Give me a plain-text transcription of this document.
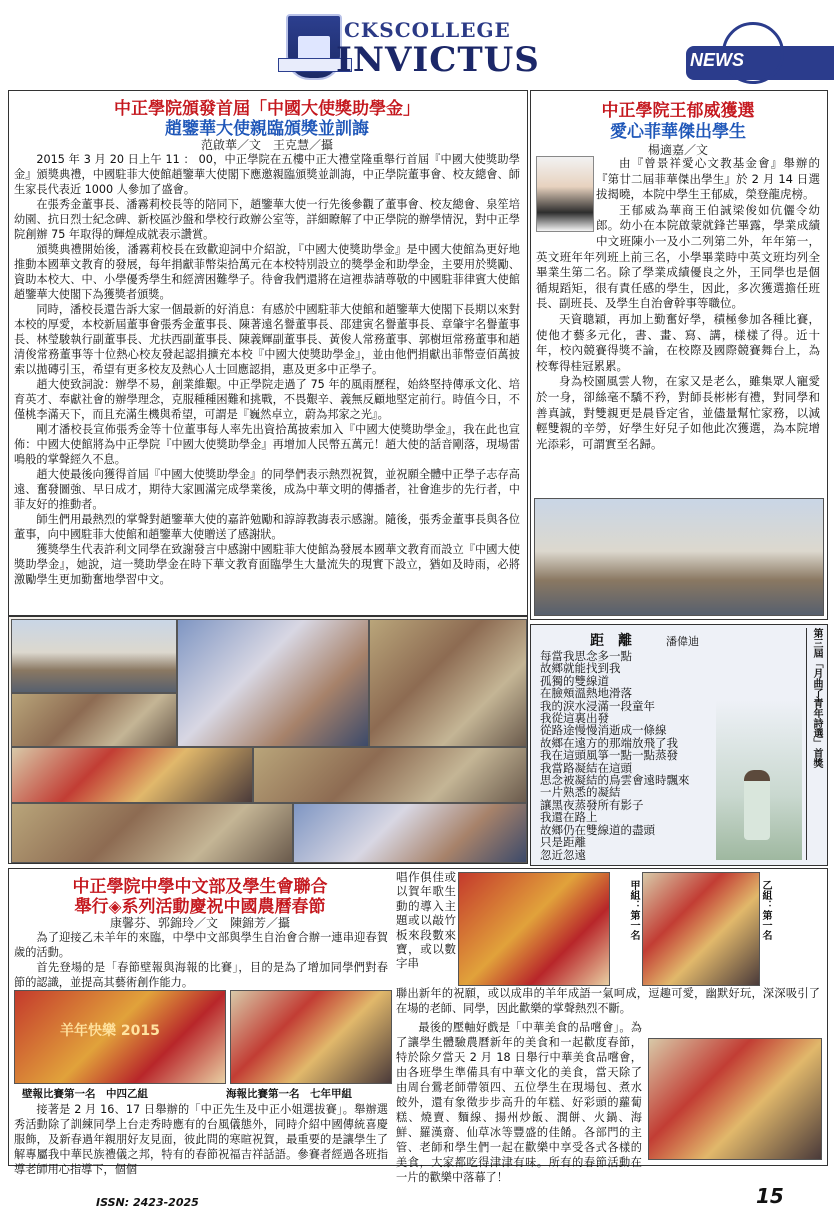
CKSCOLLEGE
INVICTUS	NEWS
中正學院頒發首屆「中國大使獎助學金」
趙鑒華大使親臨頒獎並訓誨
范啟華／文　王克慧／攝

2015 年 3 月 20 日上午 11 ： 00，中正學院在五樓中正大禮堂隆重舉行首屆『中國大使獎助學金』頒獎典禮，中國駐菲大使館趙鑒華大使閣下應邀親臨頒獎並訓誨，中正學院董事會、校友總會、師生家長代表近 1000 人參加了盛會。

在張秀金董事長、潘霧莉校長等的陪同下，趙鑒華大使一行先後參觀了董事會、校友總會、泉笙培幼園、抗日烈士紀念碑、新校區沙盤和學校行政辦公室等，詳細瞭解了中正學院的辦學情況，對中正學院創辦 75 年取得的輝煌成就表示讚賞。

頒獎典禮開始後，潘霧莉校長在致歡迎詞中介紹說，『中國大使獎助學金』是中國大使館為更好地推動本國華文教育的發展，每年捐獻菲幣柒拾萬元在本校特別設立的獎學金和助學金，主要用於獎勵、資助本校大、中、小學優秀學生和經濟困難學子。待會我們還將在這裡恭請尊敬的中國駐菲律賓大使館趙鑒華大使閣下為獲獎者頒獎。

同時，潘校長還告訴大家一個最新的好消息：有感於中國駐菲大使館和趙鑒華大使閣下長期以來對本校的厚愛，本校新屆董事會張秀金董事長、陳著遠名譽董事長、邵建寅名譽董事長、章肇宇名譽董事長、林瑩駿執行副董事長、尤扶西副董事長、陳義輝副董事長、黃俊人常務董事、郭樹垣常務董事和趙清俊常務董事等十位熱心校友發起認捐擴充本校『中國大使獎助學金』，並由他們捐獻出菲幣壹佰萬披索以拋磚引玉，希望有更多校友及熱心人士回應認捐，惠及更多中正學子。

趙大使致詞說：辦學不易，創業維艱。中正學院走過了 75 年的風雨歷程，始終堅持傳承文化、培育英才、奉獻社會的辦學理念，克服種種困難和挑戰，不畏艱辛、義無反顧地堅定前行。時值今日，不僅桃李滿天下，而且充滿生機與希望，可謂是『巍然卓立，蔚為邦家之光』。

剛才潘校長宣佈張秀金等十位董事每人率先出資拾萬披索加入『中國大使獎助學金』，我在此也宣佈：中國大使館將為中正學院『中國大使獎助學金』再增加人民幣五萬元！趙大使的話音剛落，現場雷鳴般的掌聲經久不息。

趙大使最後向獲得首屆『中國大使獎助學金』的同學們表示熱烈祝賀，並祝願全體中正學子志存高遠、奮發圖強、早日成才，期待大家圓滿完成學業後，成為中華文明的傳播者，社會進步的先行者，中菲友好的推動者。

師生們用最熱烈的掌聲對趙鑒華大使的嘉許勉勵和諄諄教誨表示感謝。隨後，張秀金董事長與各位董事，向中國駐菲大使館和趙鑒華大使贈送了感謝狀。

獲獎學生代表許利文同學在致謝發言中感謝中國駐菲大使館為發展本國華文教育而設立『中國大使獎助學金』，她說，這一獎助學金在時下華文教育面臨學生大量流失的現實下設立，猶如及時雨，必將激勵學生更加勤奮地學習中文。

中正學院王郁威獲選
愛心菲華傑出學生
楊適嘉／文

由『曾景祥愛心文教基金會』舉辦的『第廿二屆菲華傑出學生』於 2 月 14 日選拔揭曉，本院中學生王郁威，榮登龍虎榜。

王郁威為華商王伯誠梁俊如伉儷令幼郎。幼小在本院啟蒙就鋒芒畢露，學業成績中文班陳小一及小二列第二外，年年第一，英文班年年列班上前三名，小學畢業時中英文班均列全畢業生第二名。除了學業成績優良之外，王同學也是個循規蹈矩，很有責任感的學生，因此，多次獲選擔任班長、副班長、及學生自治會幹事等職位。

天資聰穎，再加上勤奮好學，積極參加各種比賽，使他才藝多元化，書、畫、寫、講，樣樣了得。近十年，校內競賽得獎不論，在校際及國際競賽舞台上，為校奪得桂冠累累。

身為校園風雲人物，在家又是老么，雖集眾人寵愛於一身，卻絲毫不驕不矜，對師長彬彬有禮，對同學和善真誠，對雙親更是晨昏定省，並儘量幫忙家務，以減輕雙親的辛勞，好學生好兒子如他此次獲選，為本院增光添彩，可謂實至名歸。

距　離	潘偉迪	第三屆「月曲了青年詩選」首獎
每當我思念多一點
故鄉就能找到我
孤獨的雙線道
在臉頰溫熱地滑落
我的淚水浸滿一段童年
我從這裏出發
從路途慢慢消逝成一條線
故鄉在遠方的那端放飛了我
我在這頭風箏一點一點蒸發
我當路凝結在這頭
思念被凝結的鳥雲會遠時飄來
一片熟悉的凝結
讓黑夜蒸發所有影子
我還在路上
故鄉仍在雙線道的盡頭
只是距離
忽近忽遠
中正學院中學中文部及學生會聯合
舉行◈系列活動慶祝中國農曆春節
康馨芬、郭錦玲／文　陳錦芳／攝

為了迎接乙未羊年的來臨，中學中文部與學生自治會合辦一連串迎春賀歲的活動。

首先登場的是「春節壁報與海報的比賽」，目的是為了增加同學們對春節的認識，並提高其藝術創作能力。

羊年快樂 2015
壁報比賽第一名　中四乙組	海報比賽第一名　七年甲組

接著是 2 月 16、17 日舉辦的「中正先生及中正小姐選拔賽」。舉辦選秀活動除了訓練同學上台走秀時應有的台風儀態外，同時介紹中國傳統喜慶服飾，及新春過年親朋好友見面，彼此問的寒暄祝賀，最重要的是讓學生了解專屬我中華民族禮儀之邦，特有的春節祝福吉祥話語。參賽者經過各班指導老師用心指導下，個個

唱作俱佳或以賀年歌生動的導入主題或以敲竹板來段數來寶，或以數字串
甲組：第一名	乙組：第一名

聯出新年的祝願，或以成串的羊年成語一氣呵成，逗趣可愛，幽默好玩，深深吸引了在場的老師、同學，因此歡樂的掌聲熱烈不斷。

最後的壓軸好戲是「中華美食的品嚐會」。為了讓學生體驗農曆新年的美食和一起歡度春節，特於除夕當天 2 月 18 日舉行中華美食品嚐會，由各班學生準備具有中華文化的美食，當天除了由周台鶯老師帶領四、五位學生在現場包、煮水餃外，還有象徵步步高升的年糕、好彩頭的蘿蔔糕、燒賣、麵線、揚州炒飯、潤餅、火鍋、海鮮、羅漢齋、仙草冰等豐盛的佳餚。各部門的主管、老師和學生們一起在歡樂中享受各式各樣的美食，大家都吃得津津有味。所有的春節活動在一片的歡樂中落幕了！

ISSN: 2423-2025	15
